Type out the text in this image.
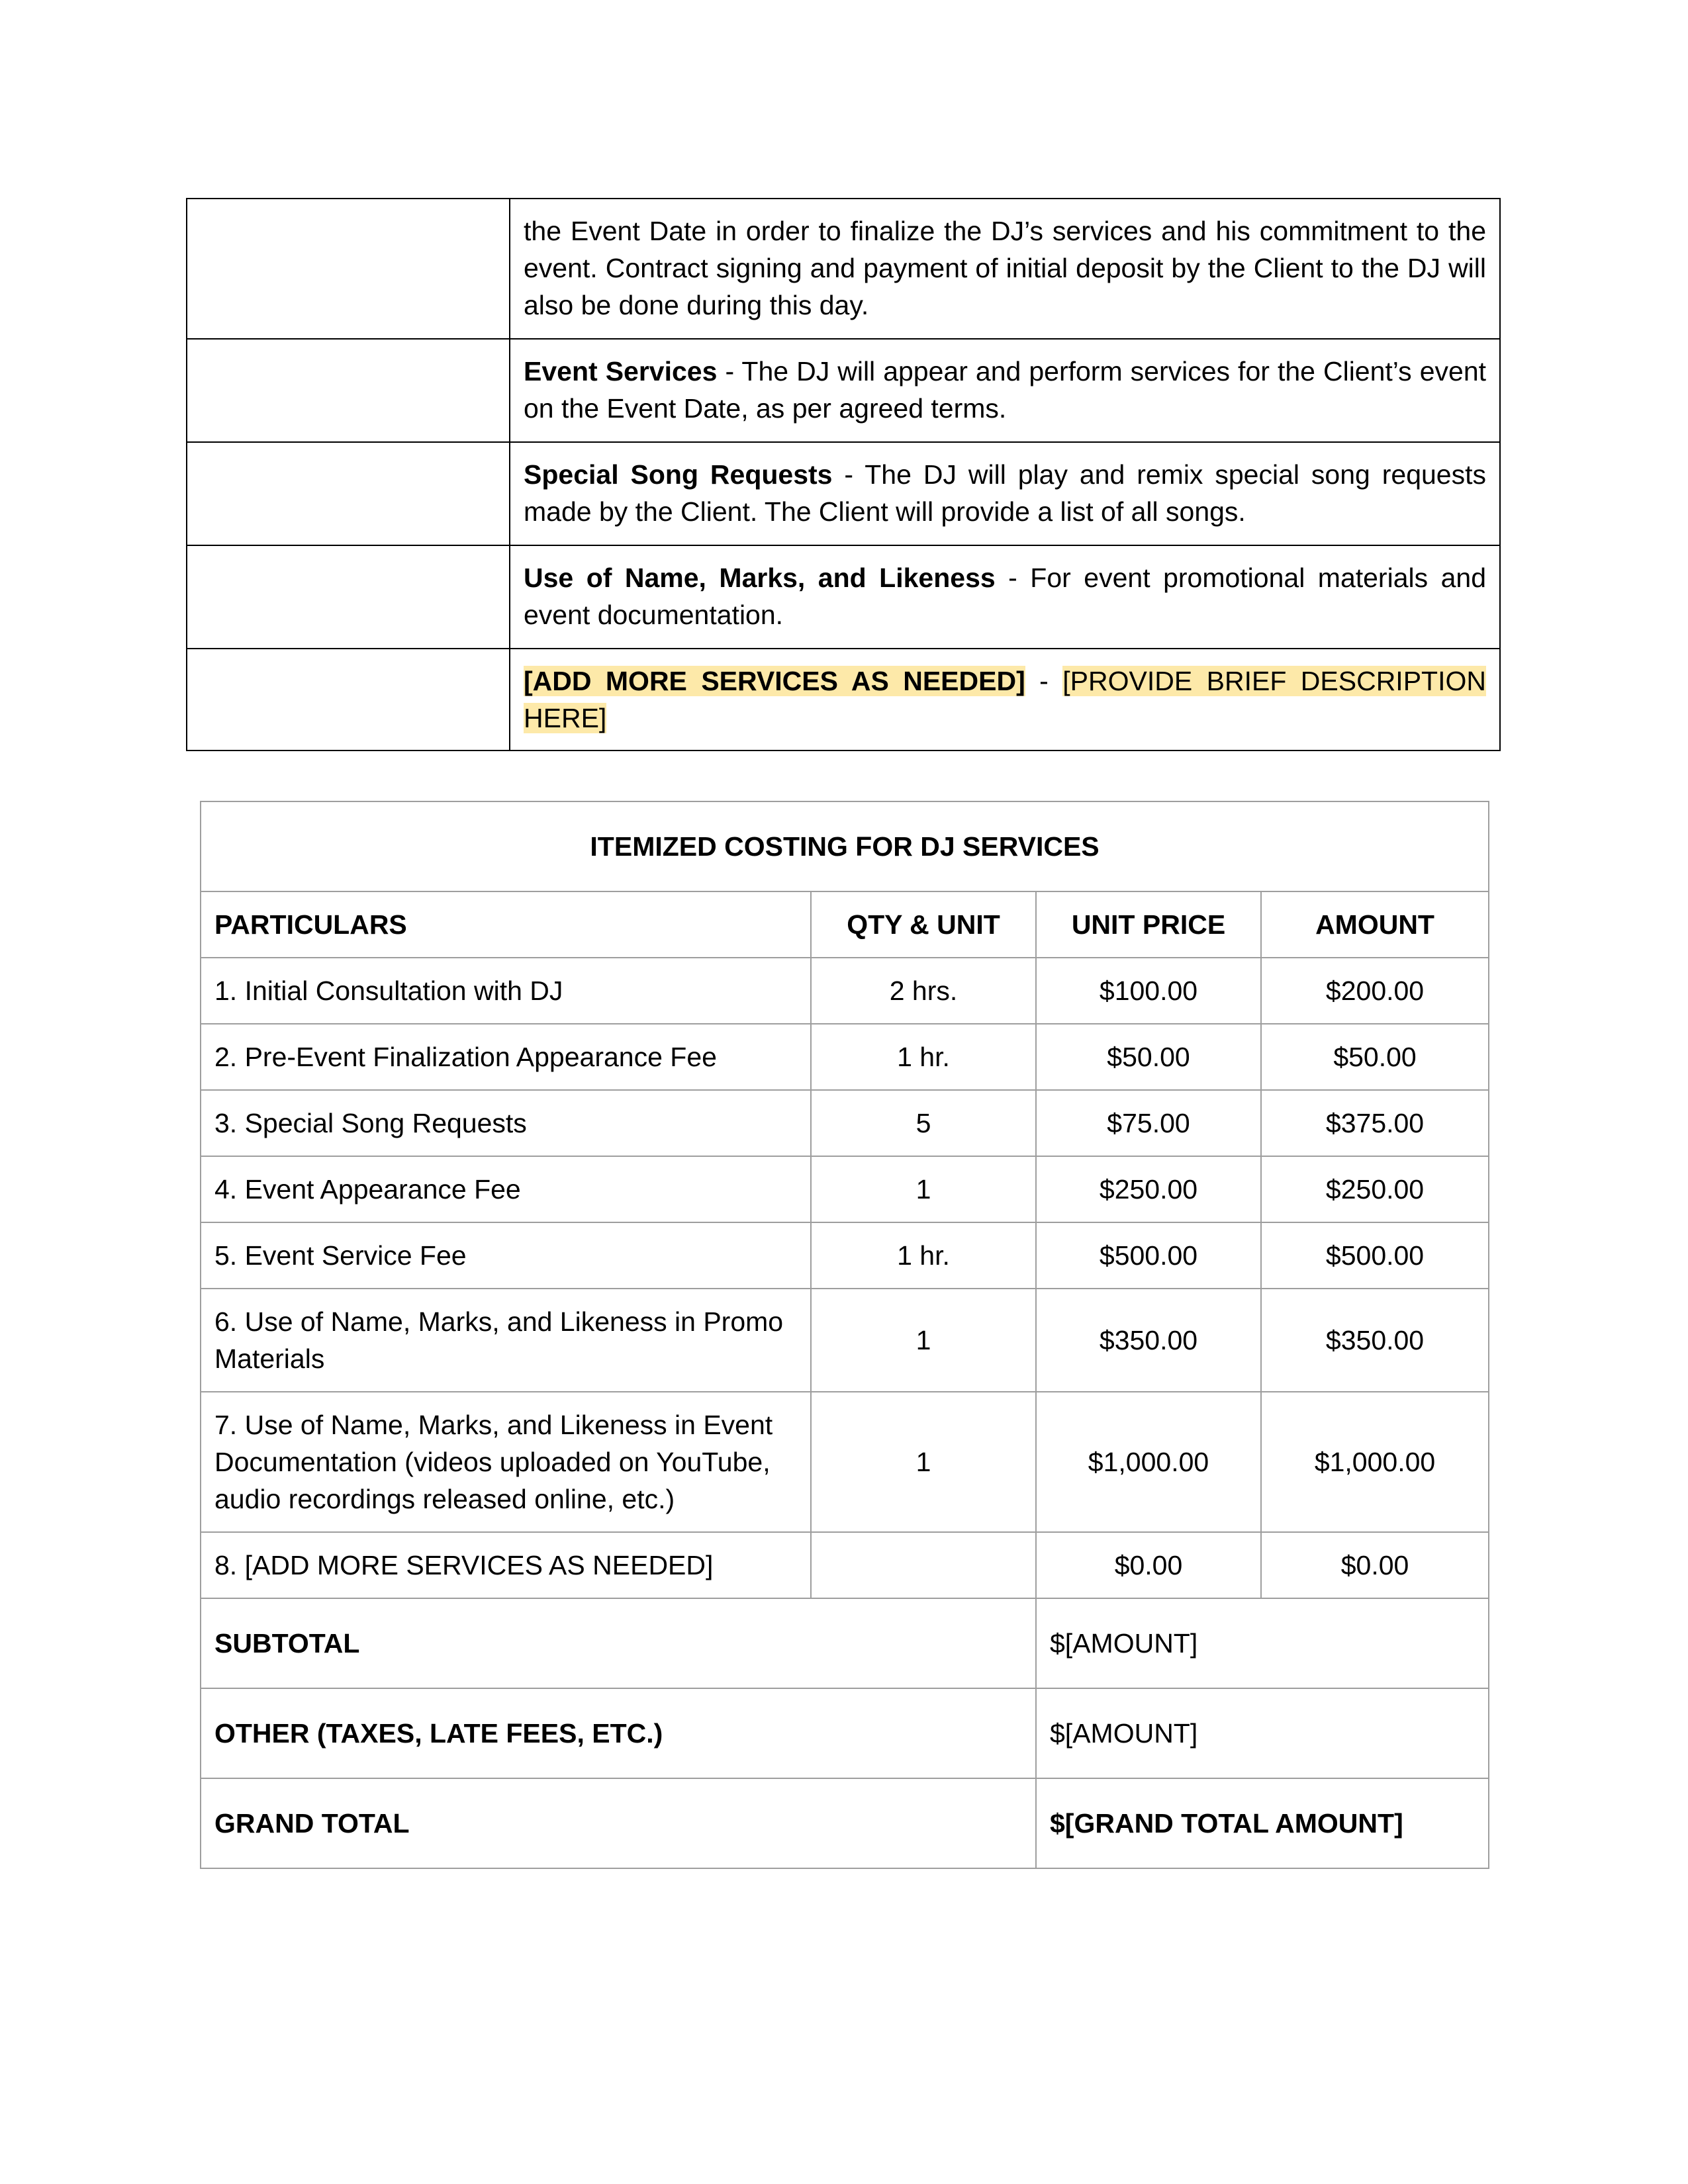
	the Event Date in order to finalize the DJ’s services and his commitment to the event. Contract signing and payment of initial deposit by the Client to the DJ will also be done during this day.
	Event Services - The DJ will appear and perform services for the Client’s event on the Event Date, as per agreed terms.
	Special Song Requests - The DJ will play and remix special song requests made by the Client. The Client will provide a list of all songs.
	Use of Name, Marks, and Likeness - For event promotional materials and event documentation.
	[ADD MORE SERVICES AS NEEDED] - [PROVIDE BRIEF DESCRIPTION HERE]
ITEMIZED COSTING FOR DJ SERVICES			
PARTICULARS	QTY & UNIT	UNIT PRICE	AMOUNT
1. Initial Consultation with DJ	2 hrs.	$100.00	$200.00
2. Pre-Event Finalization Appearance Fee	1 hr.	$50.00	$50.00
3. Special Song Requests	5	$75.00	$375.00
4. Event Appearance Fee	1	$250.00	$250.00
5. Event Service Fee	1 hr.	$500.00	$500.00
6. Use of Name, Marks, and Likeness in Promo Materials	1	$350.00	$350.00
7. Use of Name, Marks, and Likeness in Event Documentation (videos uploaded on YouTube, audio recordings released online, etc.)	1	$1,000.00	$1,000.00
8. [ADD MORE SERVICES AS NEEDED]		$0.00	$0.00
SUBTOTAL		$[AMOUNT]	
OTHER (TAXES, LATE FEES, ETC.)		$[AMOUNT]	
GRAND TOTAL		$[GRAND TOTAL AMOUNT]	
